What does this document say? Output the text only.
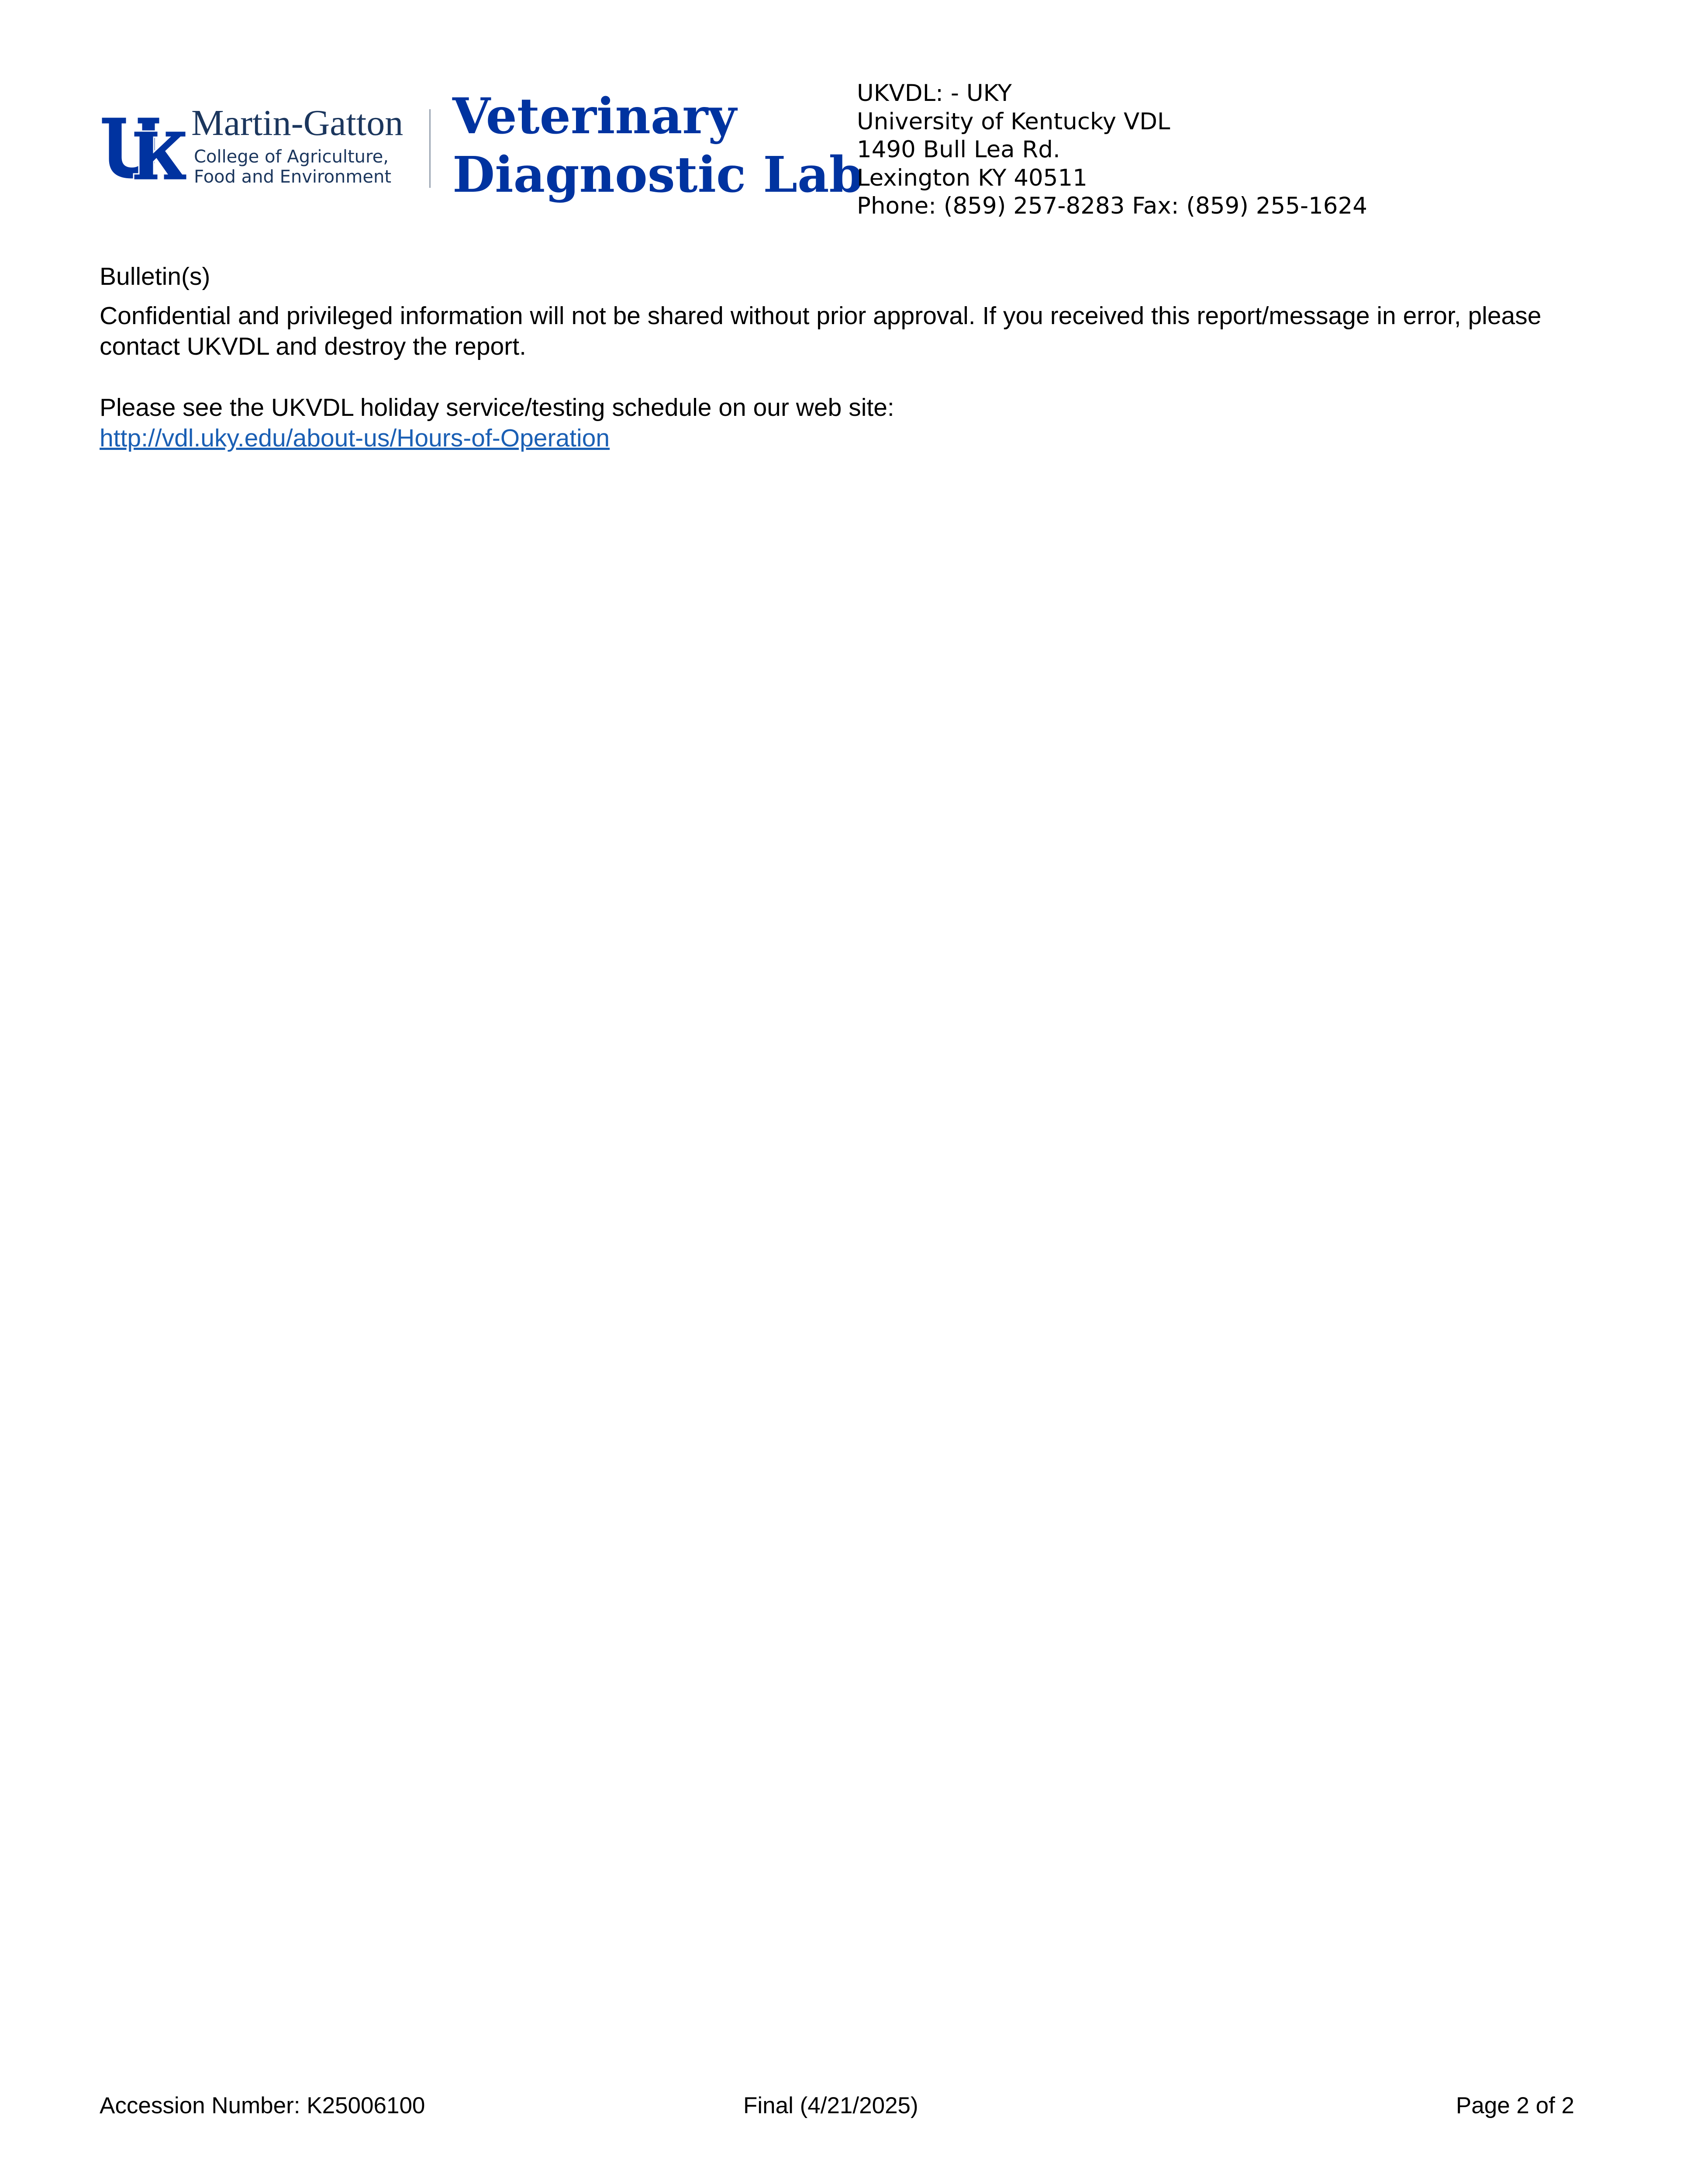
Martin-Gatton
College of Agriculture,
Food and Environment
Veterinary
Diagnostic Lab
UKVDL: - UKY
University of Kentucky VDL
1490 Bull Lea Rd.
Lexington KY 40511
Phone: (859) 257-8283 Fax: (859) 255-1624
Bulletin(s)

Confidential and privileged information will not be shared without prior approval. If you received this report/message in error, please contact UKVDL and destroy the report.

Please see the UKVDL holiday service/testing schedule on our web site:

http://vdl.uky.edu/about-us/Hours-of-Operation

Accession Number: K25006100	Final (4/21/2025)	Page 2 of 2
